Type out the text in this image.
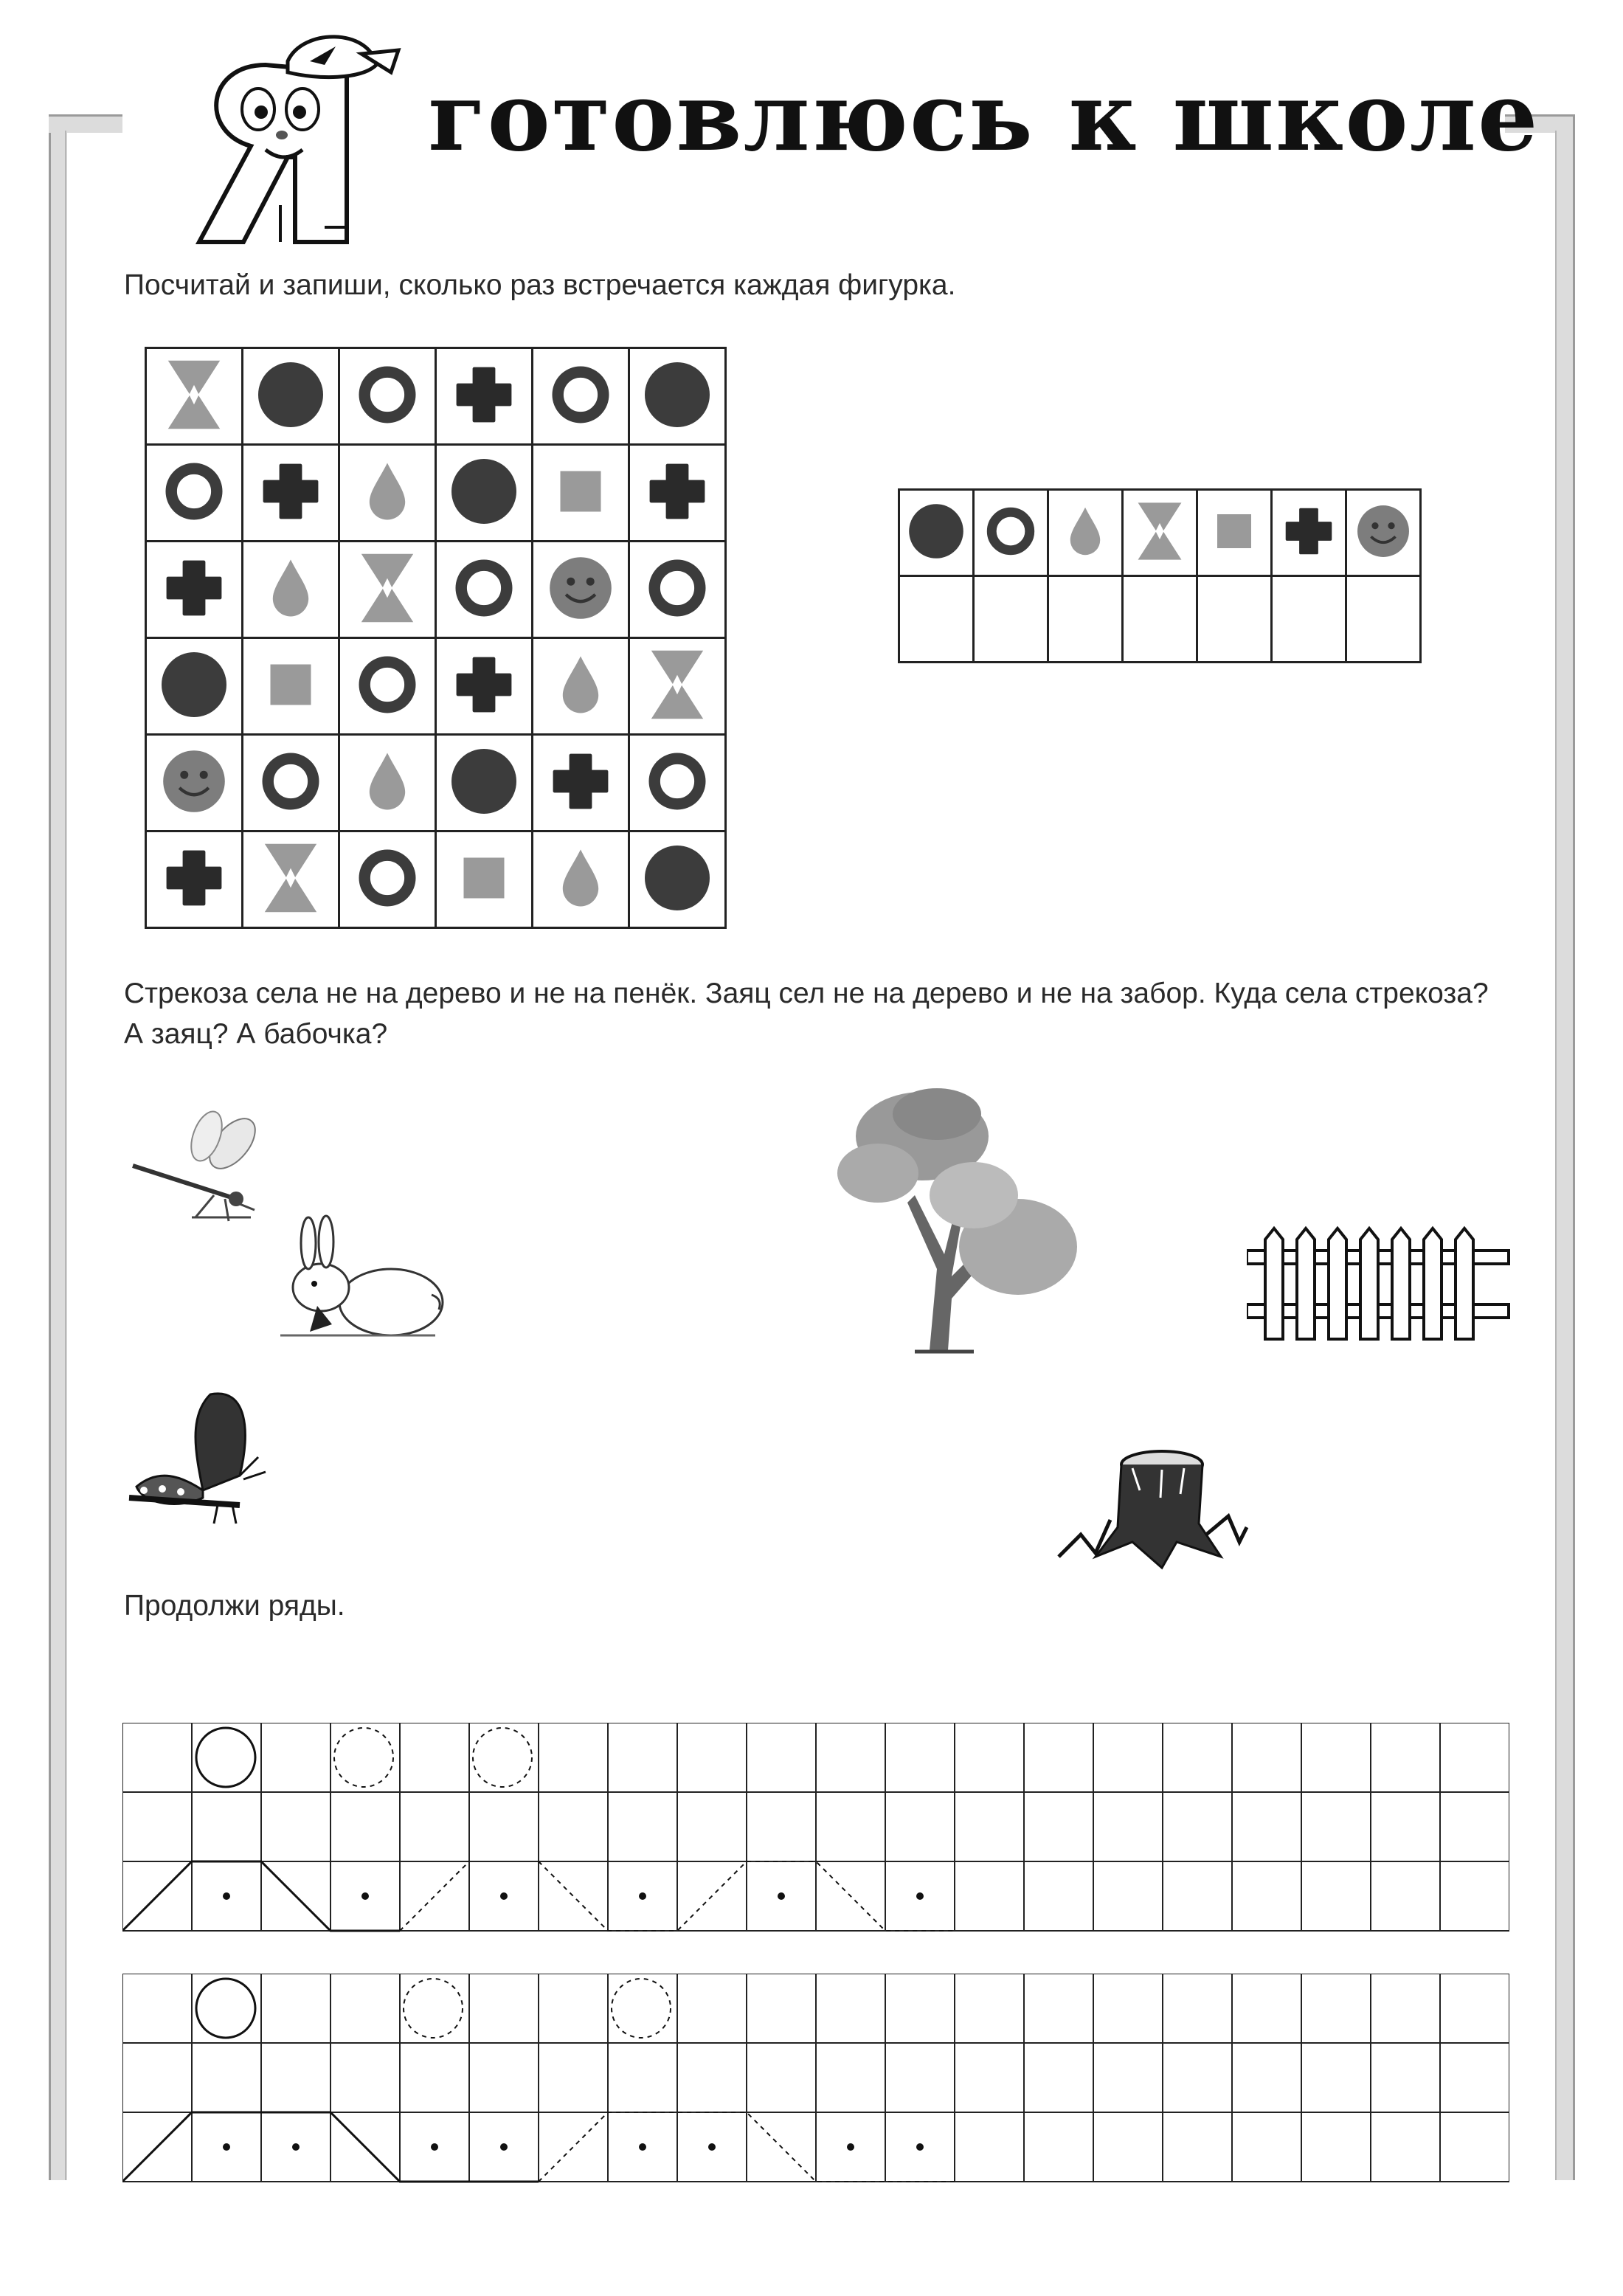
готовлюсь к школе
Посчитай и запиши, сколько раз встречается каждая фигурка.

Стрекоза села не на дерево и не на пенёк. Заяц сел не на дерево и не на забор. Куда села стрекоза? А заяц? А бабочка?
Продолжи ряды.
